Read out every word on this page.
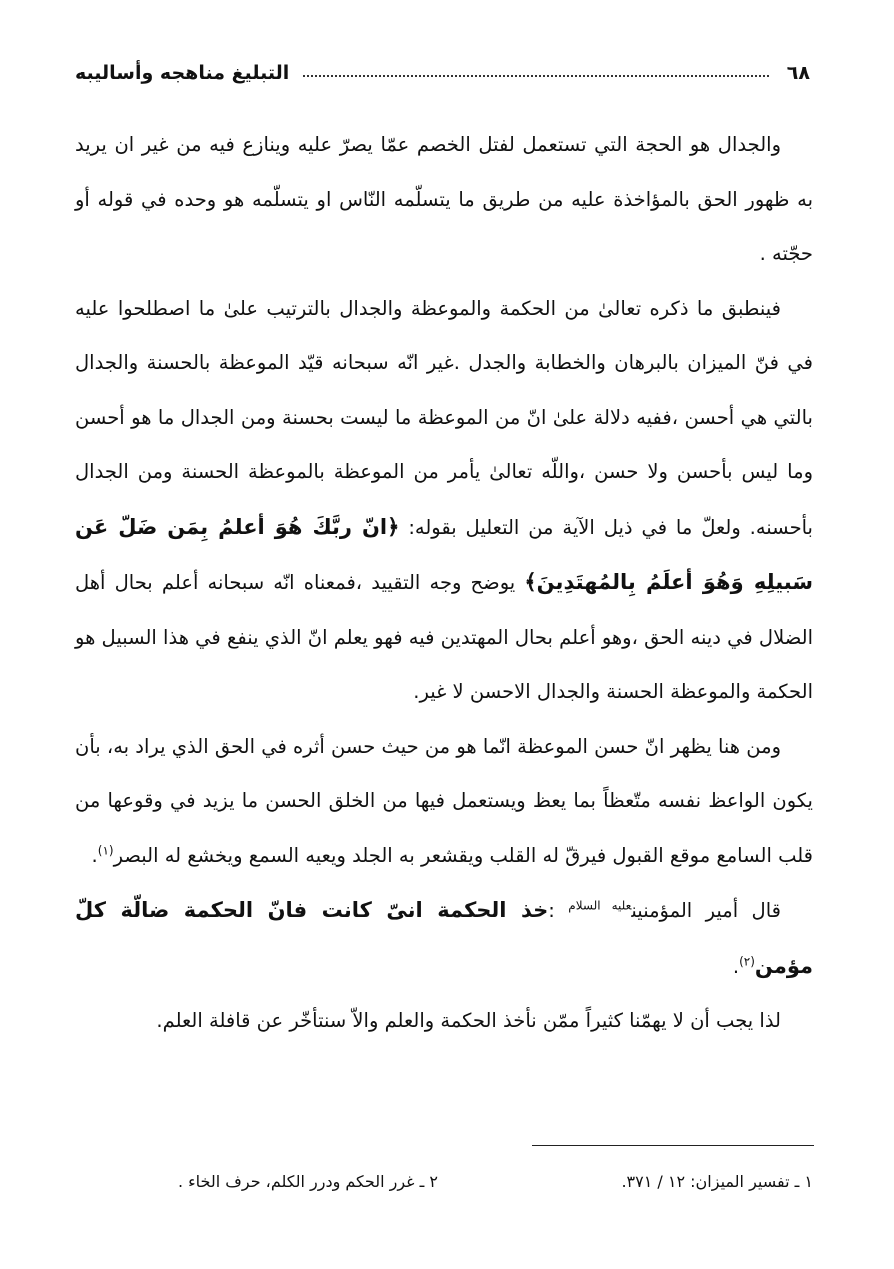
٦٨
التبليغ مناهجه وأساليبه

والجدال هو الحجة التي تستعمل لفتل الخصم عمّا يصرّ عليه وينازع فيه من غير ان يريد به ظهور الحق بالمؤاخذة عليه من طريق ما يتسلّمه النّاس او يتسلّمه هو وحده في قوله أو حجّته .

فينطبق ما ذكره تعالىٰ من الحكمة والموعظة والجدال بالترتيب علىٰ ما اصطلحوا عليه في فنّ الميزان بالبرهان والخطابة والجدل .غير انّه سبحانه قيّد الموعظة بالحسنة والجدال بالتي هي أحسن ،ففيه دلالة علىٰ انّ من الموعظة ما ليست بحسنة ومن الجدال ما هو أحسن وما ليس بأحسن ولا حسن ،واللّه تعالىٰ يأمر من الموعظة بالموعظة الحسنة ومن الجدال بأحسنه. ولعلّ ما في ذيل الآية من التعليل بقوله: ﴿انّ ربَّكَ هُوَ أعلمُ بِمَن ضَلّ عَن سَبيلِهِ وَهُوَ أعلَمُ بِالمُهتَدِينَ﴾ يوضح وجه التقييد ،فمعناه انّه سبحانه أعلم بحال أهل الضلال في دينه الحق ،وهو أعلم بحال المهتدين فيه فهو يعلم انّ الذي ينفع في هذا السبيل هو الحكمة والموعظة الحسنة والجدال الاحسن لا غير.

ومن هنا يظهر انّ حسن الموعظة انّما هو من حيث حسن أثره في الحق الذي يراد به، بأن يكون الواعظ نفسه متّعظاً بما يعظ ويستعمل فيها من الخلق الحسن ما يزيد في وقوعها من قلب السامع موقع القبول فيرقّ له القلب ويقشعر به الجلد ويعيه السمع ويخشع له البصر$^{(١)}$.

قال أمير المؤمنين$^{عليه السلام}$ :خذ الحكمة انىّ كانت فانّ الحكمة ضالّة كلّ مؤمن$^{(٢)}$.

لذا يجب أن لا يهمّنا كثيراً ممّن نأخذ الحكمة والعلم والاّ سنتأخّر عن قافلة العلم.

١ ـ تفسير الميزان: ١٢ / ٣٧١.
٢ ـ غرر الحكم ودرر الكلم، حرف الخاء .
